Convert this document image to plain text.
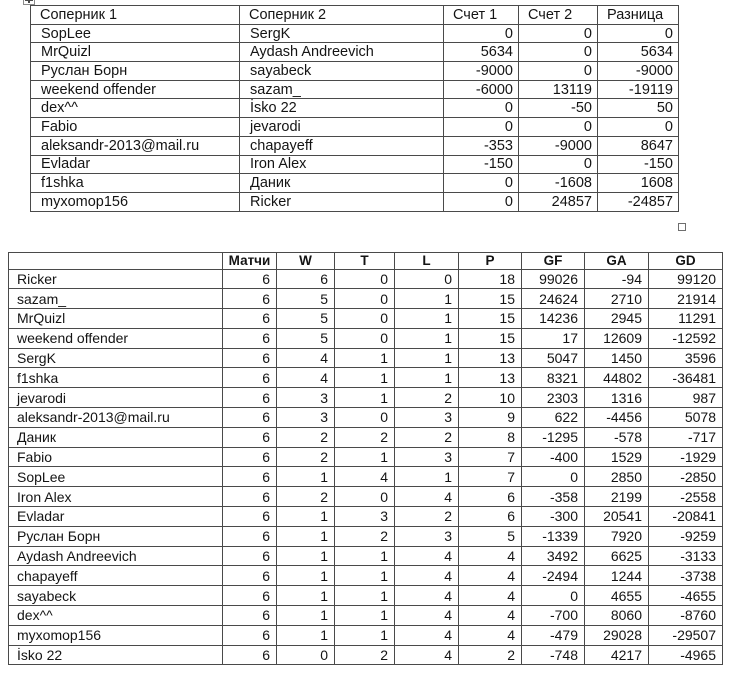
Соперник 1	Соперник 2	Счет 1	Счет 2	Разница
SopLee	SergK	0	0	0
MrQuizl	Aydash Andreevich	5634	0	5634
Руслан Борн	sayabeck	-9000	0	-9000
weekend offender	sazam_	-6000	13119	-19119
dex^^	İsko 22	0	-50	50
Fabio	jevarodi	0	0	0
aleksandr-2013@mail.ru	chapayeff	-353	-9000	8647
Evladar	Iron Alex	-150	0	-150
f1shka	Даник	0	-1608	1608
myxomop156	Ricker	0	24857	-24857
	Матчи	W	T	L	P	GF	GA	GD
Ricker	6	6	0	0	18	99026	-94	99120
sazam_	6	5	0	1	15	24624	2710	21914
MrQuizl	6	5	0	1	15	14236	2945	11291
weekend offender	6	5	0	1	15	17	12609	-12592
SergK	6	4	1	1	13	5047	1450	3596
f1shka	6	4	1	1	13	8321	44802	-36481
jevarodi	6	3	1	2	10	2303	1316	987
aleksandr-2013@mail.ru	6	3	0	3	9	622	-4456	5078
Даник	6	2	2	2	8	-1295	-578	-717
Fabio	6	2	1	3	7	-400	1529	-1929
SopLee	6	1	4	1	7	0	2850	-2850
Iron Alex	6	2	0	4	6	-358	2199	-2558
Evladar	6	1	3	2	6	-300	20541	-20841
Руслан Борн	6	1	2	3	5	-1339	7920	-9259
Aydash Andreevich	6	1	1	4	4	3492	6625	-3133
chapayeff	6	1	1	4	4	-2494	1244	-3738
sayabeck	6	1	1	4	4	0	4655	-4655
dex^^	6	1	1	4	4	-700	8060	-8760
myxomop156	6	1	1	4	4	-479	29028	-29507
İsko 22	6	0	2	4	2	-748	4217	-4965
